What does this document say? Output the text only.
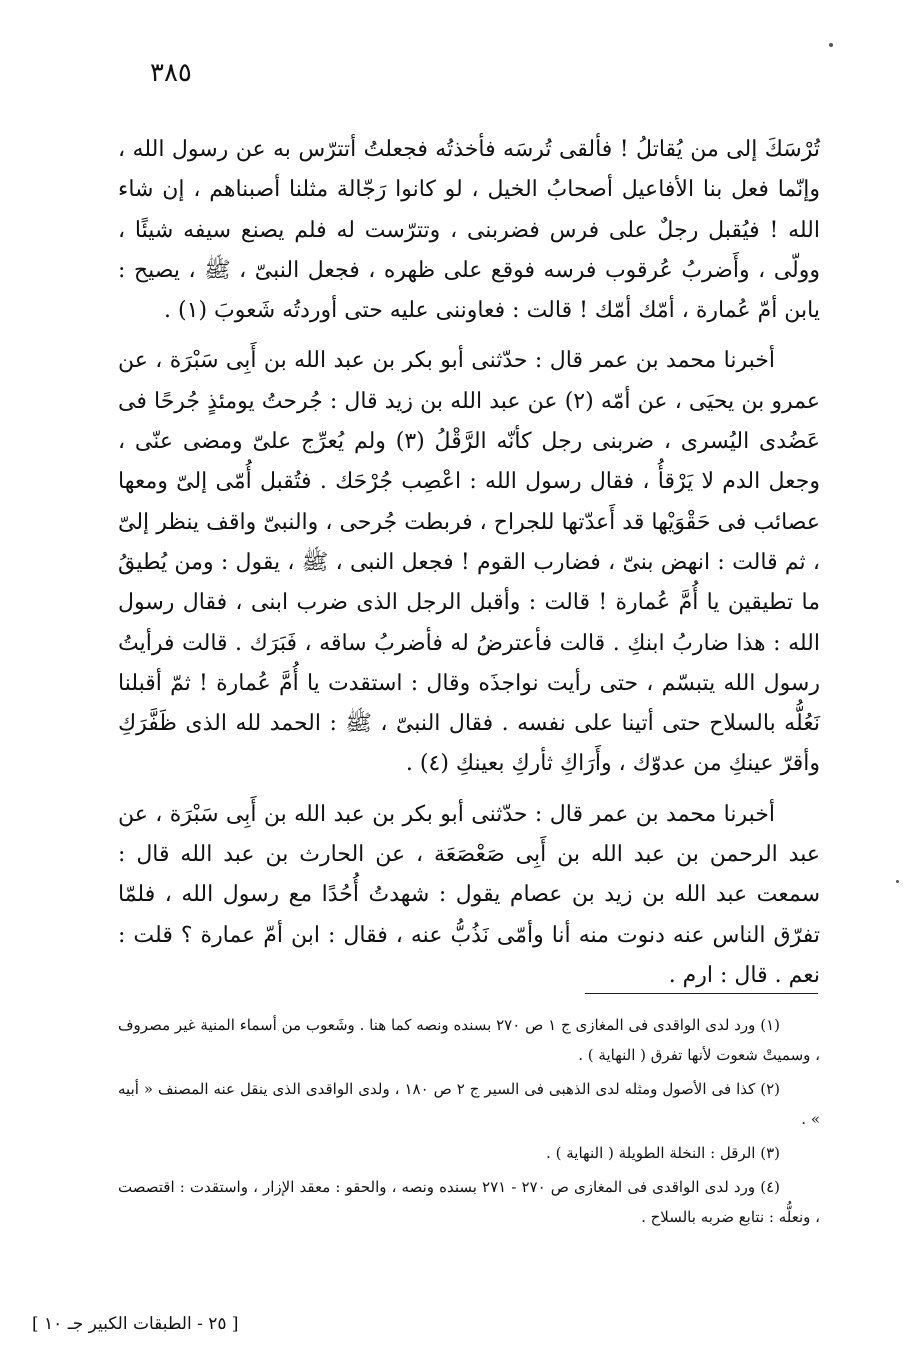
٣٨٥

تُرْسَكَ إلى من يُقاتلُ ! فألقى تُرسَه فأخذتُه فجعلتُ أتترّس به عن رسول الله ، وإنّما فعل بنا الأفاعيل أصحابُ الخيل ، لو كانوا رَجّالة مثلنا أصبناهم ، إن شاء الله ! فيُقبل رجلٌ على فرس فضربنى ، وتترّست له فلم يصنع سيفه شيئًا ، وولّى ، وأَضربُ عُرقوب فرسه فوقع على ظهره ، فجعل النبىّ ، ﷺ ، يصيح : يابن أمّ عُمارة ، أمّك أمّك ! قالت : فعاوننى عليه حتى أوردتُه شَعوبَ (١) .

أخبرنا محمد بن عمر قال : حدّثنى أبو بكر بن عبد الله بن أَبِى سَبْرَة ، عن عمرو بن يحيَى ، عن أمّه (٢) عن عبد الله بن زيد قال : جُرحتُ يومئذٍ جُرحًا فى عَضُدى اليُسرى ، ضربنى رجل كأنّه الرَّقْلُ (٣) ولم يُعرِّج علىّ ومضى عنّى ، وجعل الدم لا يَرْقأُ ، فقال رسول الله : اعْصِب جُرْحَك . فتُقبل أُمّى إلىّ ومعها عصائب فى حَقْوَيْها قد أَعدّتها للجراح ، فربطت جُرحى ، والنبىّ واقف ينظر إلىّ ، ثم قالت : انهض بنىّ ، فضارب القوم ! فجعل النبى ، ﷺ ، يقول : ومن يُطيقُ ما تطيقين يا أُمَّ عُمارة ! قالت : وأقبل الرجل الذى ضرب ابنى ، فقال رسول الله : هذا ضاربُ ابنكِ . قالت فأعترضُ له فأضربُ ساقه ، فَبَرَك . قالت فرأيتُ رسول الله يتبسّم ، حتى رأيت نواجذَه وقال : استقدت يا أُمَّ عُمارة ! ثمّ أقبلنا نَعُلُّه بالسلاح حتى أتينا على نفسه . فقال النبىّ ، ﷺ : الحمد لله الذى ظَفَّرَكِ وأقرّ عينكِ من عدوّك ، وأَرَاكِ ثأركِ بعينكِ (٤) .

أخبرنا محمد بن عمر قال : حدّثنى أبو بكر بن عبد الله بن أَبِى سَبْرَة ، عن عبد الرحمن بن عبد الله بن أَبِى صَعْصَعَة ، عن الحارث بن عبد الله قال : سمعت عبد الله بن زيد بن عصام يقول : شهدتُ أُحُدًا مع رسول الله ، فلمّا تفرّق الناس عنه دنوت منه أنا وأمّى نَذُبُّ عنه ، فقال : ابن أمّ عمارة ؟ قلت : نعم . قال : ارم .

(١) ورد لدى الواقدى فى المغازى ج ١ ص ٢٧٠ بسنده ونصه كما هنا . وشَعوب من أسماء المنية غير مصروف ، وسميتْ شعوت لأنها تفرق ( النهاية ) .

(٢) كذا فى الأصول ومثله لدى الذهبى فى السير ج ٢ ص ١٨٠ ، ولدى الواقدى الذى ينقل عنه المصنف « أبيه » .

(٣) الرقل : النخلة الطويلة ( النهاية ) .

(٤) ورد لدى الواقدى فى المغازى ص ٢٧٠ - ٢٧١ بسنده ونصه ، والحقو : معقد الإزار ، واستقدت : اقتصصت ، ونعلُّه : نتابع ضربه بالسلاح .

[ ٢٥ - الطبقات الكبير جـ ١٠ ]
